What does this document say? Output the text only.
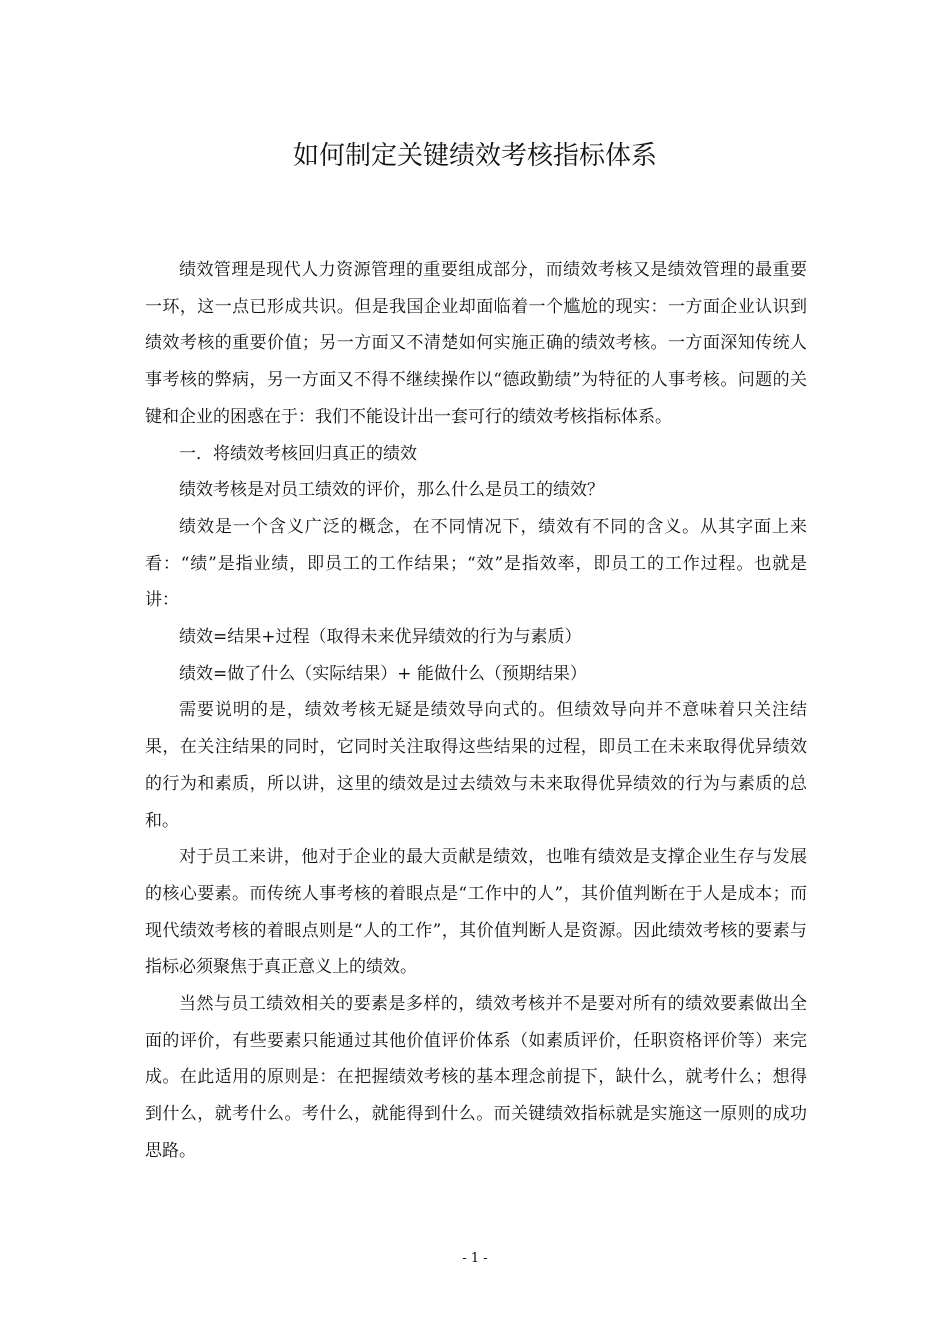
如何制定关键绩效考核指标体系

绩效管理是现代人力资源管理的重要组成部分，而绩效考核又是绩效管理的最重要一环，这一点已形成共识。但是我国企业却面临着一个尴尬的现实：一方面企业认识到绩效考核的重要价值；另一方面又不清楚如何实施正确的绩效考核。一方面深知传统人事考核的弊病，另一方面又不得不继续操作以“德政勤绩”为特征的人事考核。问题的关键和企业的困惑在于：我们不能设计出一套可行的绩效考核指标体系。

一．将绩效考核回归真正的绩效

绩效考核是对员工绩效的评价，那么什么是员工的绩效？

绩效是一个含义广泛的概念，在不同情况下，绩效有不同的含义。从其字面上来看：“绩”是指业绩，即员工的工作结果；“效”是指效率，即员工的工作过程。也就是讲：

绩效=结果+过程（取得未来优异绩效的行为与素质）

绩效=做了什么（实际结果）+ 能做什么（预期结果）

需要说明的是，绩效考核无疑是绩效导向式的。但绩效导向并不意味着只关注结果，在关注结果的同时，它同时关注取得这些结果的过程，即员工在未来取得优异绩效的行为和素质，所以讲，这里的绩效是过去绩效与未来取得优异绩效的行为与素质的总和。

对于员工来讲，他对于企业的最大贡献是绩效，也唯有绩效是支撑企业生存与发展的核心要素。而传统人事考核的着眼点是“工作中的人”，其价值判断在于人是成本；而现代绩效考核的着眼点则是“人的工作”，其价值判断人是资源。因此绩效考核的要素与指标必须聚焦于真正意义上的绩效。

当然与员工绩效相关的要素是多样的，绩效考核并不是要对所有的绩效要素做出全面的评价，有些要素只能通过其他价值评价体系（如素质评价，任职资格评价等）来完成。在此适用的原则是：在把握绩效考核的基本理念前提下，缺什么，就考什么；想得到什么，就考什么。考什么，就能得到什么。而关键绩效指标就是实施这一原则的成功思路。

- 1 -
